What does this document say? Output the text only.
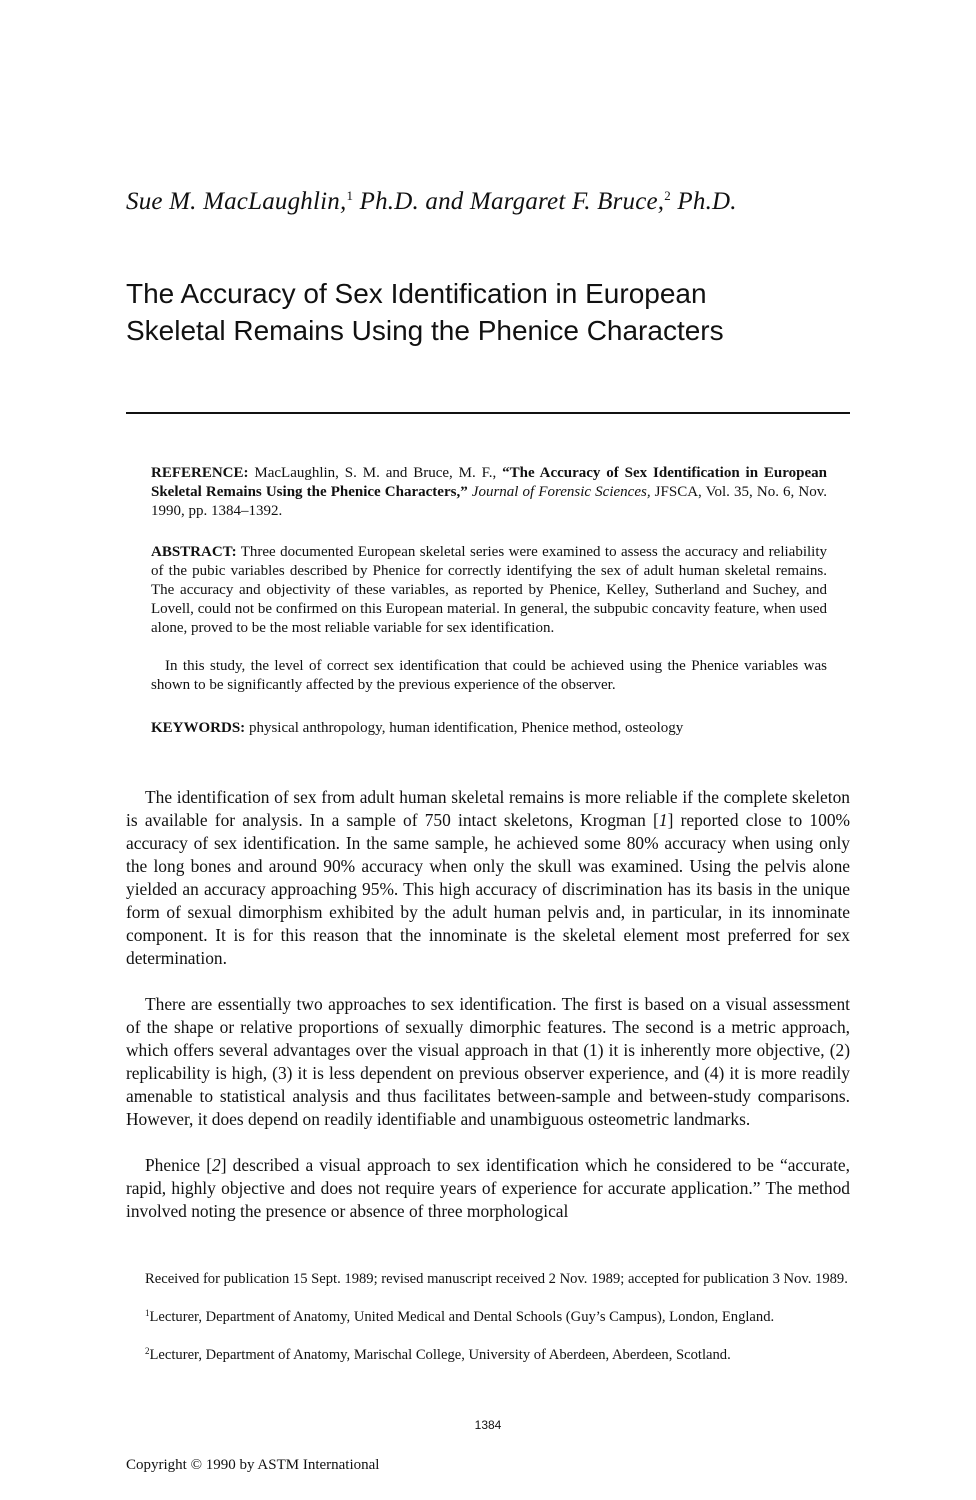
Sue M. MacLaughlin,$^1$ Ph.D. and Margaret F. Bruce,$^2$ Ph.D.
The Accuracy of Sex Identification in European
Skeletal Remains Using the Phenice Characters

REFERENCE: MacLaughlin, S. M. and Bruce, M. F., “The Accuracy of Sex Identification in European Skeletal Remains Using the Phenice Characters,” Journal of Forensic Sciences, JFSCA, Vol. 35, No. 6, Nov. 1990, pp. 1384–1392.

ABSTRACT: Three documented European skeletal series were examined to assess the accuracy and reliability of the pubic variables described by Phenice for correctly identifying the sex of adult human skeletal remains. The accuracy and objectivity of these variables, as reported by Phenice, Kelley, Sutherland and Suchey, and Lovell, could not be confirmed on this European material. In general, the subpubic concavity feature, when used alone, proved to be the most reliable variable for sex identification.

In this study, the level of correct sex identification that could be achieved using the Phenice variables was shown to be significantly affected by the previous experience of the observer.

KEYWORDS: physical anthropology, human identification, Phenice method, osteology

The identification of sex from adult human skeletal remains is more reliable if the complete skeleton is available for analysis. In a sample of 750 intact skeletons, Krogman [1] reported close to 100% accuracy of sex identification. In the same sample, he achieved some 80% accuracy when using only the long bones and around 90% accuracy when only the skull was examined. Using the pelvis alone yielded an accuracy approaching 95%. This high accuracy of discrimination has its basis in the unique form of sexual dimorphism exhibited by the adult human pelvis and, in particular, in its innominate component. It is for this reason that the innominate is the skeletal element most preferred for sex determination.

There are essentially two approaches to sex identification. The first is based on a visual assessment of the shape or relative proportions of sexually dimorphic features. The second is a metric approach, which offers several advantages over the visual approach in that (1) it is inherently more objective, (2) replicability is high, (3) it is less dependent on previous observer experience, and (4) it is more readily amenable to statistical analysis and thus facilitates between-sample and between-study comparisons. However, it does depend on readily identifiable and unambiguous osteometric landmarks.

Phenice [2] described a visual approach to sex identification which he considered to be “accurate, rapid, highly objective and does not require years of experience for accurate application.” The method involved noting the presence or absence of three morphological

Received for publication 15 Sept. 1989; revised manuscript received 2 Nov. 1989; accepted for publication 3 Nov. 1989.

$^1$Lecturer, Department of Anatomy, United Medical and Dental Schools (Guy’s Campus), London, England.

$^2$Lecturer, Department of Anatomy, Marischal College, University of Aberdeen, Aberdeen, Scotland.

1384
Copyright © 1990 by ASTM International
